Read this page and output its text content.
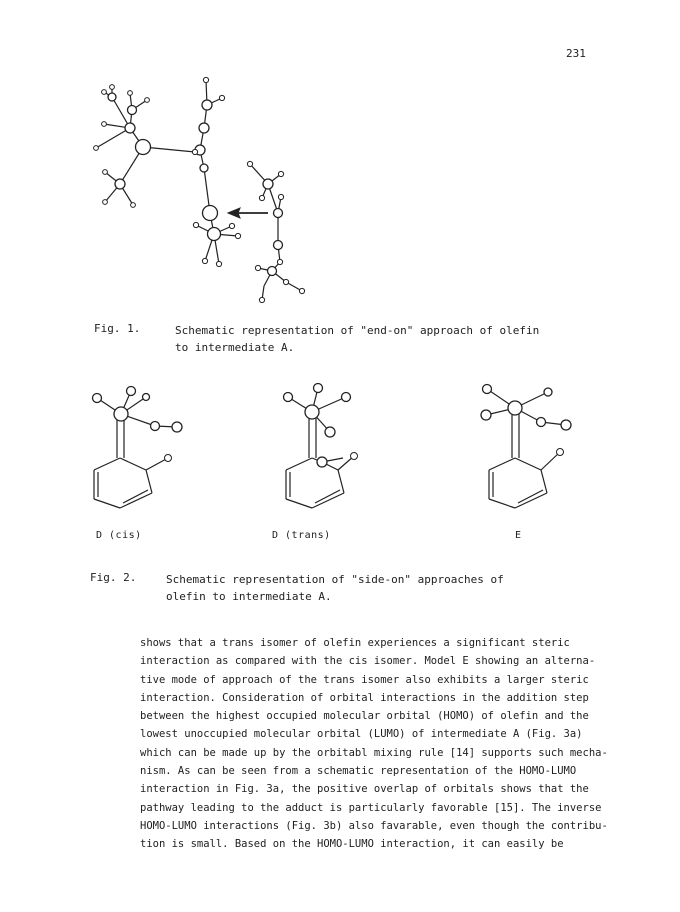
231
Fig. 1.	Schematic representation of "end-on" approach of olefin
to intermediate A.
D (cis)	D (trans)	E
Fig. 2.	Schematic representation of "side-on" approaches of
olefin to intermediate A.

shows that a trans isomer of olefin experiences a significant steric

interaction as compared with the cis isomer. Model E showing an alterna-

tive mode of approach of the trans isomer also exhibits a larger steric

interaction. Consideration of orbital interactions in the addition step

between the highest occupied molecular orbital (HOMO) of olefin and the

lowest unoccupied molecular orbital (LUMO) of intermediate A (Fig. 3a)

which can be made up by the orbitabl mixing rule [14] supports such mecha-

nism. As can be seen from a schematic representation of the HOMO-LUMO

interaction in Fig. 3a, the positive overlap of orbitals shows that the

pathway leading to the adduct is particularly favorable [15]. The inverse

HOMO-LUMO interactions (Fig. 3b) also favarable, even though the contribu-

tion is small. Based on the HOMO-LUMO interaction, it can easily be
